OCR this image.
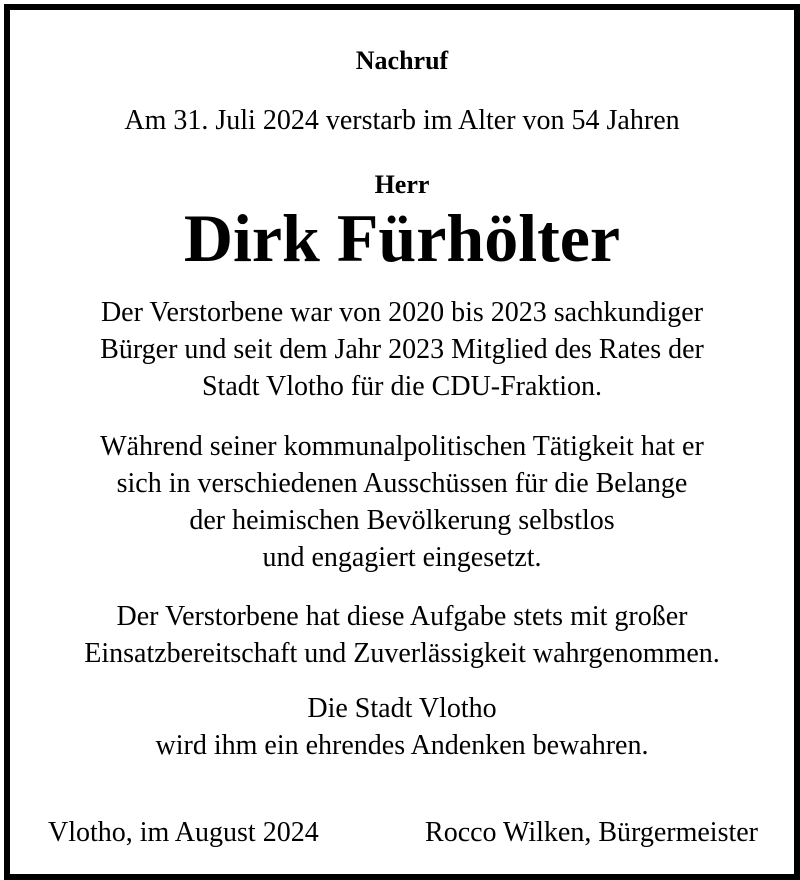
Nachruf
Am 31. Juli 2024 verstarb im Alter von 54 Jahren
Herr
Dirk Fürhölter
Der Verstorbene war von 2020 bis 2023 sachkundiger
Bürger und seit dem Jahr 2023 Mitglied des Rates der
Stadt Vlotho für die CDU-Fraktion.
Während seiner kommunalpolitischen Tätigkeit hat er
sich in verschiedenen Ausschüssen für die Belange
der heimischen Bevölkerung selbstlos
und engagiert eingesetzt.
Der Verstorbene hat diese Aufgabe stets mit großer
Einsatzbereitschaft und Zuverlässigkeit wahrgenommen.
Die Stadt Vlotho
wird ihm ein ehrendes Andenken bewahren.
Vlotho, im August 2024	Rocco Wilken, Bürgermeister
